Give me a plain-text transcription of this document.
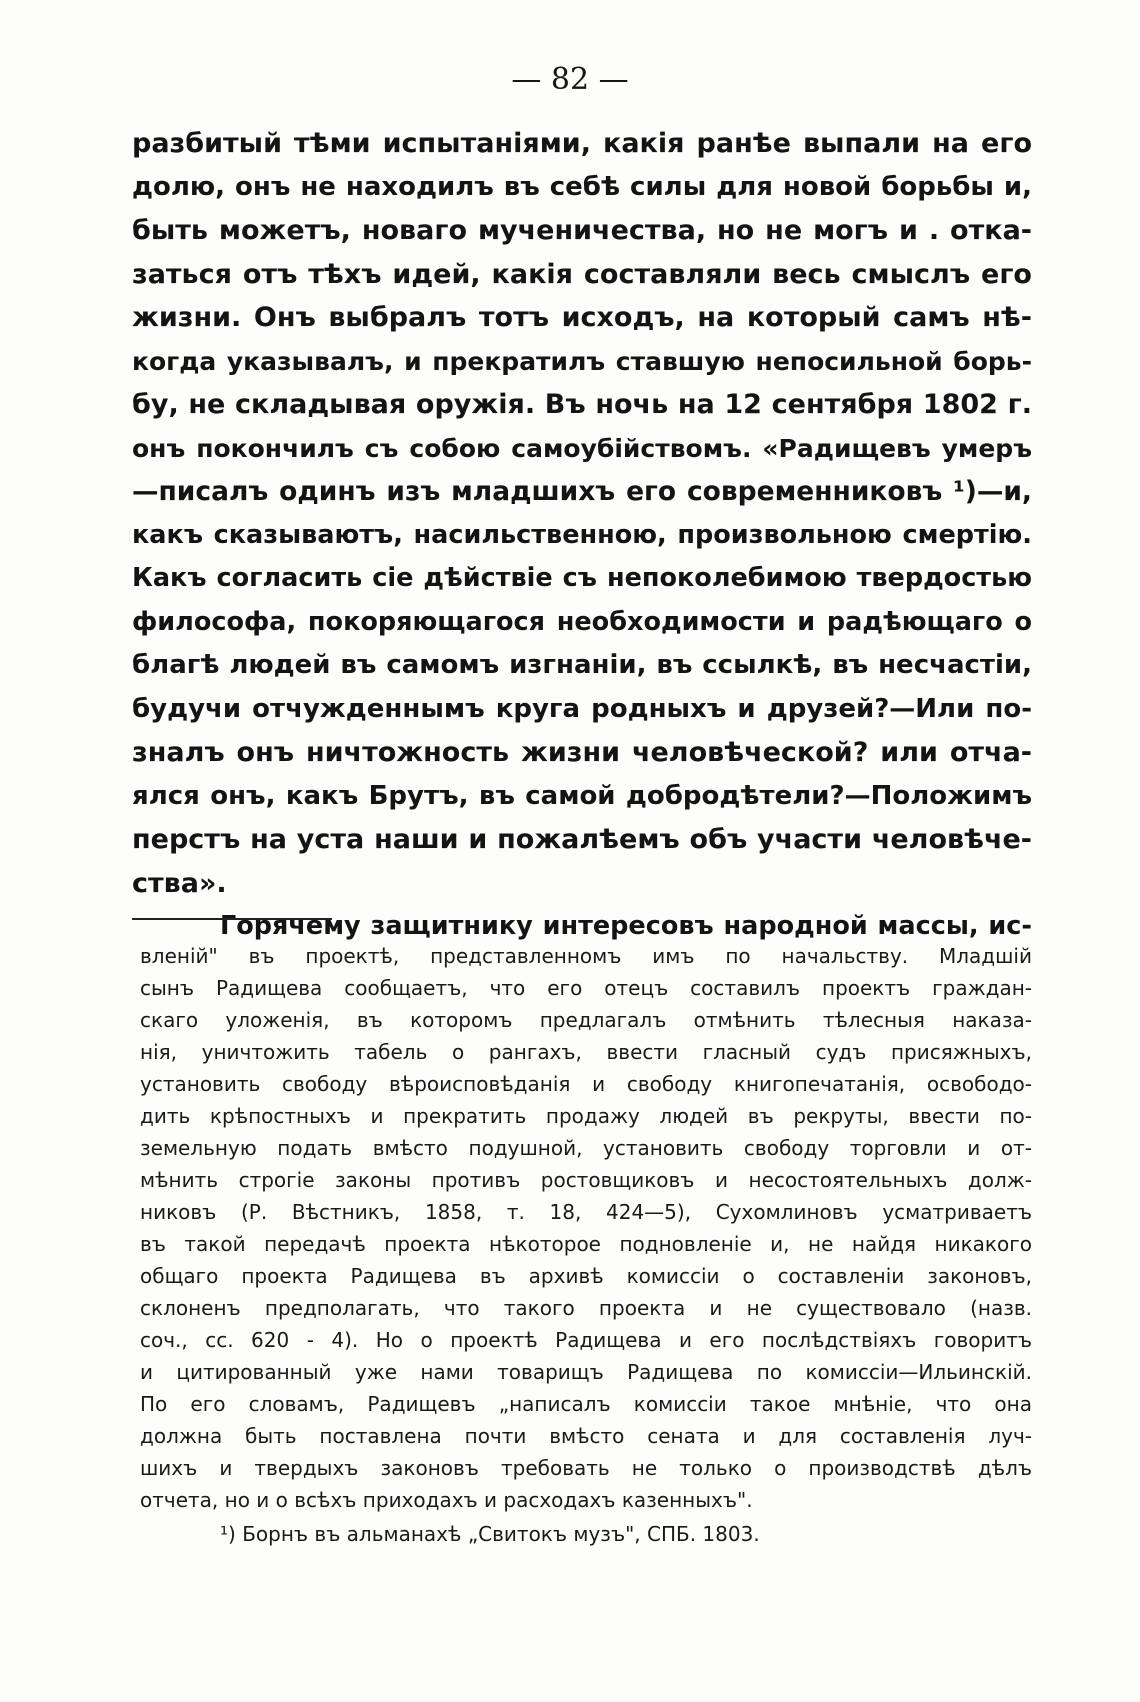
— 82 —
разбитый тѣми испытаніями, какія ранѣе выпали на его
долю, онъ не находилъ въ себѣ силы для новой борьбы и,
быть можетъ, новаго мученичества, но не могъ и . отка-
заться отъ тѣхъ идей, какія составляли весь смыслъ его
жизни. Онъ выбралъ тотъ исходъ, на который самъ нѣ-
когда указывалъ, и прекратилъ ставшую непосильной борь-
бу, не складывая оружія. Въ ночь на 12 сентября 1802 г.
онъ покончилъ съ собою самоубійствомъ. «Радищевъ умеръ
—писалъ одинъ изъ младшихъ его современниковъ ¹)—и,
какъ сказываютъ, насильственною, произвольною смертію.
Какъ согласить сіе дѣйствіе съ непоколебимою твердостью
философа, покоряющагося необходимости и радѣющаго о
благѣ людей въ самомъ изгнаніи, въ ссылкѣ, въ несчастіи,
будучи отчужденнымъ круга родныхъ и друзей?—Или по-
зналъ онъ ничтожность жизни человѣческой? или отча-
ялся онъ, какъ Брутъ, въ самой добродѣтели?—Положимъ
перстъ на уста наши и пожалѣемъ объ участи человѣче-
ства».
Горячему защитнику интересовъ народной массы, ис-
вленій" въ проектѣ, представленномъ имъ по начальству. Младшій
сынъ Радищева сообщаетъ, что его отецъ составилъ проектъ граждан-
скаго уложенія, въ которомъ предлагалъ отмѣнить тѣлесныя наказа-
нія, уничтожить табель о рангахъ, ввести гласный судъ присяжныхъ,
установить свободу вѣроисповѣданія и свободу книгопечатанія, освободо-
дить крѣпостныхъ и прекратить продажу людей въ рекруты, ввести по-
земельную подать вмѣсто подушной, установить свободу торговли и от-
мѣнить строгіе законы противъ ростовщиковъ и несостоятельныхъ долж-
никовъ (Р. Вѣстникъ, 1858, т. 18, 424—5), Сухомлиновъ усматриваетъ
въ такой передачѣ проекта нѣкоторое подновленіе и, не найдя никакого
общаго проекта Радищева въ архивѣ комиссіи о составленіи законовъ,
склоненъ предполагать, что такого проекта и не существовало (назв.
соч., сс. 620 - 4). Но о проектѣ Радищева и его послѣдствіяхъ говоритъ
и цитированный уже нами товарищъ Радищева по комиссіи—Ильинскій.
По его словамъ, Радищевъ „написалъ комиссіи такое мнѣніе, что она
должна быть поставлена почти вмѣсто сената и для составленія луч-
шихъ и твердыхъ законовъ требовать не только о производствѣ дѣлъ
отчета, но и о всѣхъ приходахъ и расходахъ казенныхъ".
¹) Борнъ въ альманахѣ „Свитокъ музъ", СПБ. 1803.
